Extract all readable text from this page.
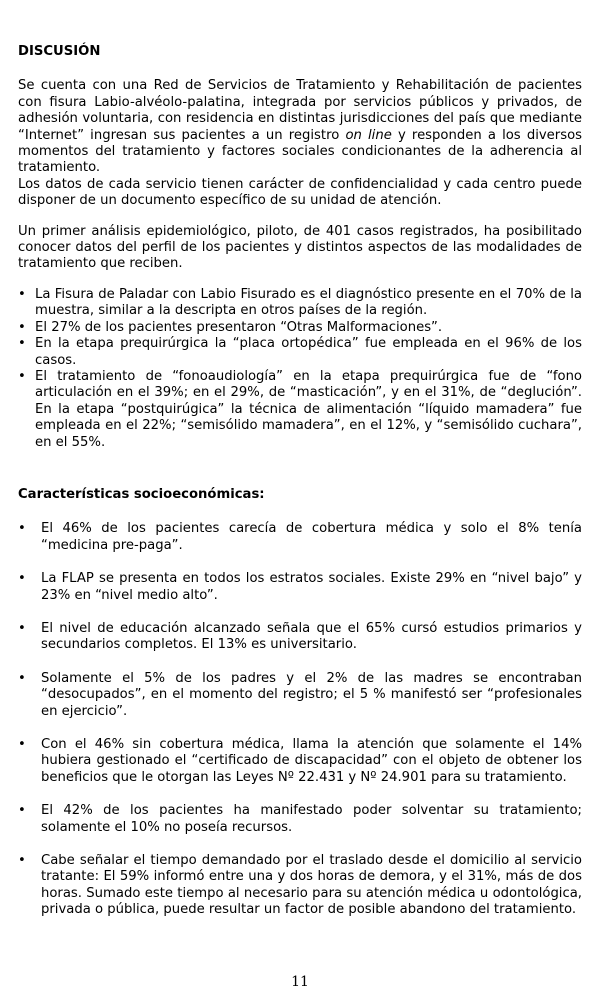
DISCUSIÓN

Se cuenta con una Red de Servicios de Tratamiento y Rehabilitación de pacientes con fisura Labio-alvéolo-palatina, integrada por servicios públicos y privados, de adhesión voluntaria, con residencia en distintas jurisdicciones del país que mediante “Internet” ingresan sus pacientes a un registro on line y responden a los diversos momentos del tratamiento y factores sociales condicionantes de la adherencia al tratamiento.

Los datos de cada servicio tienen carácter de confidencialidad y cada centro puede disponer de un documento específico de su unidad de atención.

Un primer análisis epidemiológico, piloto, de 401 casos registrados, ha posibilitado conocer datos del perfil de los pacientes y distintos aspectos de las modalidades de tratamiento que reciben.

• La Fisura de Paladar con Labio Fisurado es el diagnóstico presente en el 70% de la muestra, similar a la descripta en otros países de la región.
• El 27% de los pacientes presentaron “Otras Malformaciones”.
• En la etapa prequirúrgica la “placa ortopédica” fue empleada en el 96% de los casos.
• El tratamiento de “fonoaudiología” en la etapa prequirúrgica fue de “fono articulación en el 39%; en el 29%, de “masticación”, y en el 31%, de “deglución”. En la etapa “postquirúgica” la técnica de alimentación “líquido mamadera” fue empleada en el 22%; “semisólido mamadera”, en el 12%, y “semisólido cuchara”, en el 55%.
Características socioeconómicas:
• El 46% de los pacientes carecía de cobertura médica y solo el 8% tenía “medicina pre-paga”.
• La FLAP se presenta en todos los estratos sociales. Existe 29% en “nivel bajo” y 23% en “nivel medio alto”.
• El nivel de educación alcanzado señala que el 65% cursó estudios primarios y secundarios completos. El 13% es universitario.
• Solamente el 5% de los padres y el 2% de las madres se encontraban “desocupados”, en el momento del registro; el 5 % manifestó ser “profesionales en ejercicio”.
• Con el 46% sin cobertura médica, llama la atención que solamente el 14% hubiera gestionado el “certificado de discapacidad” con el objeto de obtener los beneficios que le otorgan las Leyes Nº 22.431 y Nº 24.901 para su tratamiento.
• El 42% de los pacientes ha manifestado poder solventar su tratamiento; solamente el 10% no poseía recursos.
• Cabe señalar el tiempo demandado por el traslado desde el domicilio al servicio tratante: El 59% informó entre una y dos horas de demora, y el 31%, más de dos horas. Sumado este tiempo al necesario para su atención médica u odontológica, privada o pública, puede resultar un factor de posible abandono del tratamiento.
11
